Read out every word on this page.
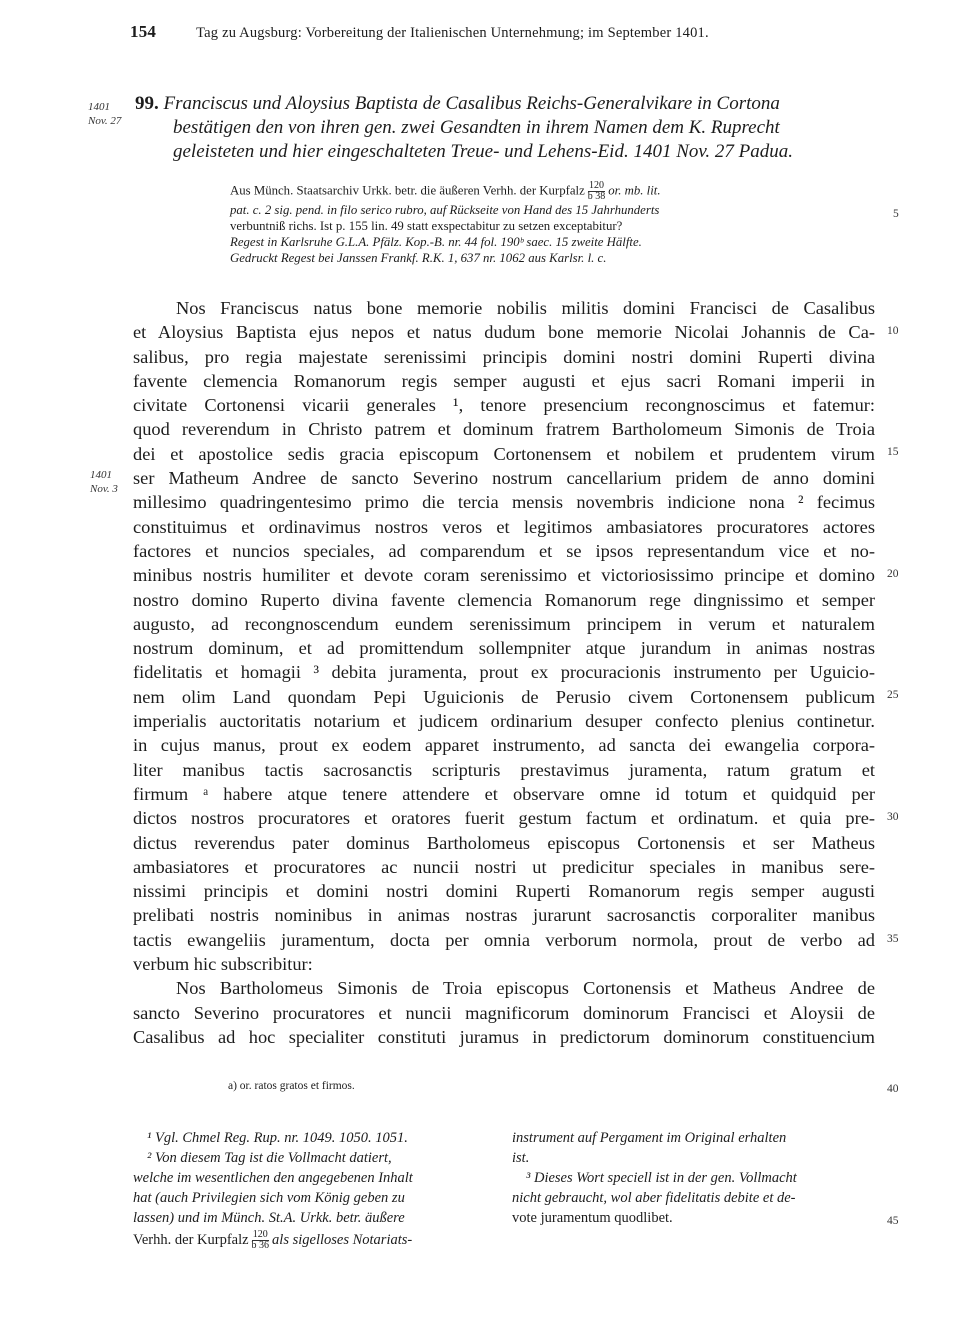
154	Tag zu Augsburg: Vorbereitung der Italienischen Unternehmung; im September 1401.
1401
Nov. 27
1401
Nov. 3
99. Franciscus und Aloysius Baptista de Casalibus Reichs-Generalvikare in Cortona
bestätigen den von ihren gen. zwei Gesandten in ihrem Namen dem K. Ruprecht
geleisteten und hier eingeschalteten Treue- und Lehens-Eid. 1401 Nov. 27 Padua.
Aus Münch. Staatsarchiv Urkk. betr. die äußeren Verhh. der Kurpfalz $\frac{120}{b 38}$ or. mb. lit.
pat. c. 2 sig. pend. in filo serico rubro, auf Rückseite von Hand des 15 Jahrhunderts
verbuntniß richs. Ist p. 155 lin. 49 statt exspectabitur zu setzen exceptabitur?
Regest in Karlsruhe G.L.A. Pfälz. Kop.-B. nr. 44 fol. 190ᵇ saec. 15 zweite Hälfte.
Gedruckt Regest bei Janssen Frankf. R.K. 1, 637 nr. 1062 aus Karlsr. l. c.
5
10
15
20
25
30
35
40
45
Nos Franciscus natus bone memorie nobilis militis domini Francisci de Casalibus
et Aloysius Baptista ejus nepos et natus dudum bone memorie Nicolai Johannis de Ca-
salibus, pro regia majestate serenissimi principis domini nostri domini Ruperti divina
favente clemencia Romanorum regis semper augusti et ejus sacri Romani imperii in
civitate Cortonensi vicarii generales ¹, tenore presencium recongnoscimus et fatemur:
quod reverendum in Christo patrem et dominum fratrem Bartholomeum Simonis de Troia
dei et apostolice sedis gracia episcopum Cortonensem et nobilem et prudentem virum
ser Matheum Andree de sancto Severino nostrum cancellarium pridem de anno domini
millesimo quadringentesimo primo die tercia mensis novembris indicione nona ² fecimus
constituimus et ordinavimus nostros veros et legitimos ambasiatores procuratores actores
factores et nuncios speciales, ad comparendum et se ipsos representandum vice et no-
minibus nostris humiliter et devote coram serenissimo et victoriosissimo principe et domino
nostro domino Ruperto divina favente clemencia Romanorum rege dingnissimo et semper
augusto, ad recongnoscendum eundem serenissimum principem in verum et naturalem
nostrum dominum, et ad promittendum sollempniter atque jurandum in animas nostras
fidelitatis et homagii ³ debita juramenta, prout ex procuracionis instrumento per Uguicio-
nem olim Land quondam Pepi Uguicionis de Perusio civem Cortonensem publicum
imperialis auctoritatis notarium et judicem ordinarium desuper confecto plenius continetur.
in cujus manus, prout ex eodem apparet instrumento, ad sancta dei ewangelia corpora-
liter manibus tactis sacrosanctis scripturis prestavimus juramenta, ratum gratum et
firmum ᵃ habere atque tenere attendere et observare omne id totum et quidquid per
dictos nostros procuratores et oratores fuerit gestum factum et ordinatum. et quia pre-
dictus reverendus pater dominus Bartholomeus episcopus Cortonensis et ser Matheus
ambasiatores et procuratores ac nuncii nostri ut predicitur speciales in manibus sere-
nissimi principis et domini nostri domini Ruperti Romanorum regis semper augusti
prelibati nostris nominibus in animas nostras jurarunt sacrosanctis corporaliter manibus
tactis ewangeliis juramentum, docta per omnia verborum normola, prout de verbo ad
verbum hic subscribitur:
Nos Bartholomeus Simonis de Troia episcopus Cortonensis et Matheus Andree de
sancto Severino procuratores et nuncii magnificorum dominorum Francisci et Aloysii de
Casalibus ad hoc specialiter constituti juramus in predictorum dominorum constituencium
a) or. ratos gratos et firmos.
¹ Vgl. Chmel Reg. Rup. nr. 1049. 1050. 1051.
² Von diesem Tag ist die Vollmacht datiert,
welche im wesentlichen den angegebenen Inhalt
hat (auch Privilegien sich vom König geben zu
lassen) und im Münch. St.A. Urkk. betr. äußere
Verhh. der Kurpfalz $\frac{120}{b 36}$ als sigelloses Notariats-
instrument auf Pergament im Original erhalten
ist.
³ Dieses Wort speciell ist in der gen. Vollmacht
nicht gebraucht, wol aber fidelitatis debite et de-
vote juramentum quodlibet.
